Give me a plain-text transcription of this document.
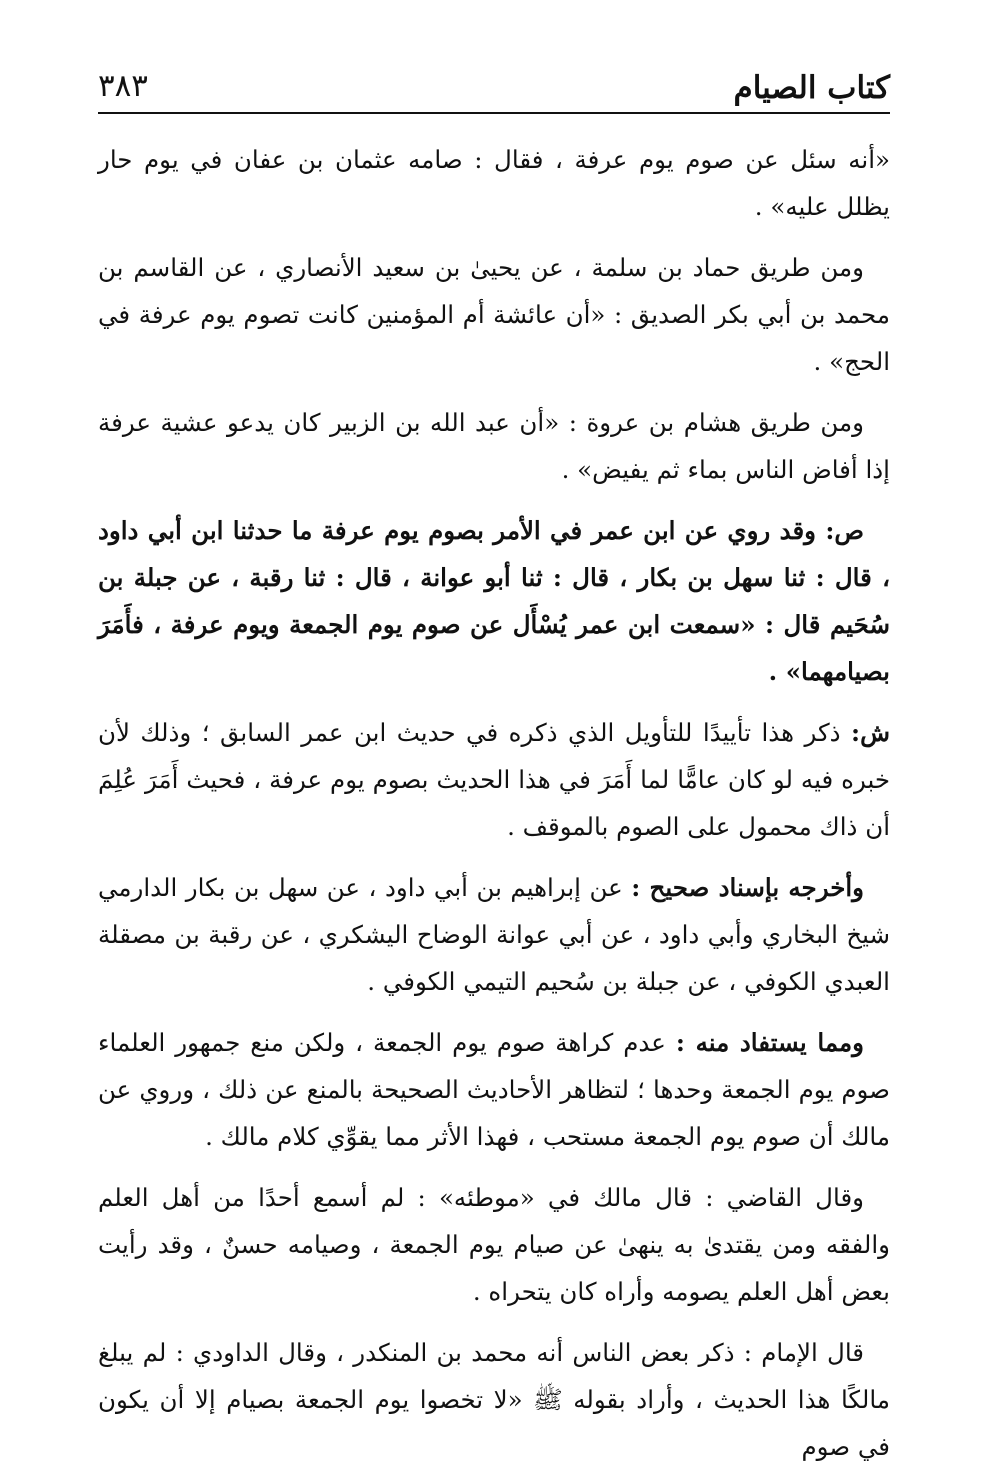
كتاب الصيام
٣٨٣

«أنه سئل عن صوم يوم عرفة ، فقال : صامه عثمان بن عفان في يوم حار يظلل عليه» .

ومن طريق حماد بن سلمة ، عن يحيىٰ بن سعيد الأنصاري ، عن القاسم بن محمد بن أبي بكر الصديق : «أن عائشة أم المؤمنين كانت تصوم يوم عرفة في الحج» .

ومن طريق هشام بن عروة : «أن عبد الله بن الزبير كان يدعو عشية عرفة إذا أفاض الناس بماء ثم يفيض» .

ص: وقد روي عن ابن عمر في الأمر بصوم يوم عرفة ما حدثنا ابن أبي داود ، قال : ثنا سهل بن بكار ، قال : ثنا أبو عوانة ، قال : ثنا رقبة ، عن جبلة بن سُحَيم قال : «سمعت ابن عمر يُسْأَل عن صوم يوم الجمعة ويوم عرفة ، فأَمَرَ بصيامهما» .

ش: ذكر هذا تأييدًا للتأويل الذي ذكره في حديث ابن عمر السابق ؛ وذلك لأن خبره فيه لو كان عامًّا لما أَمَرَ في هذا الحديث بصوم يوم عرفة ، فحيث أَمَرَ عُلِمَ أن ذاك محمول على الصوم بالموقف .

وأخرجه بإسناد صحيح : عن إبراهيم بن أبي داود ، عن سهل بن بكار الدارمي شيخ البخاري وأبي داود ، عن أبي عوانة الوضاح اليشكري ، عن رقبة بن مصقلة العبدي الكوفي ، عن جبلة بن سُحيم التيمي الكوفي .

ومما يستفاد منه : عدم كراهة صوم يوم الجمعة ، ولكن منع جمهور العلماء صوم يوم الجمعة وحدها ؛ لتظاهر الأحاديث الصحيحة بالمنع عن ذلك ، وروي عن مالك أن صوم يوم الجمعة مستحب ، فهذا الأثر مما يقوِّي كلام مالك .

وقال القاضي : قال مالك في «موطئه» : لم أسمع أحدًا من أهل العلم والفقه ومن يقتدىٰ به ينهىٰ عن صيام يوم الجمعة ، وصيامه حسنٌ ، وقد رأيت بعض أهل العلم يصومه وأراه كان يتحراه .

قال الإمام : ذكر بعض الناس أنه محمد بن المنكدر ، وقال الداودي : لم يبلغ مالكًا هذا الحديث ، وأراد بقوله ﷺ «لا تخصوا يوم الجمعة بصيام إلا أن يكون في صوم
